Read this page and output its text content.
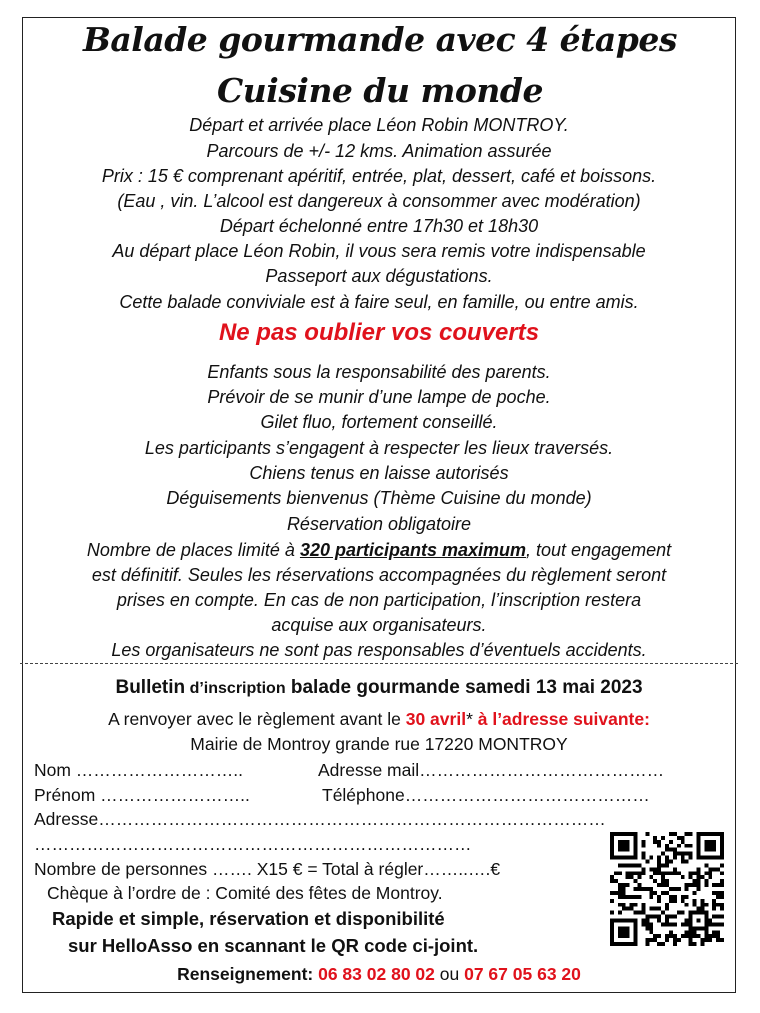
Balade gourmande avec 4 étapes
Cuisine du monde
Départ et arrivée place Léon Robin MONTROY.
Parcours de +/- 12 kms. Animation assurée
Prix : 15 € comprenant apéritif, entrée, plat, dessert, café et boissons.
(Eau , vin. L’alcool est dangereux à consommer avec modération)
Départ échelonné entre 17h30 et 18h30
Au départ place Léon Robin, il vous sera remis votre indispensable
Passeport aux dégustations.
Cette balade conviviale est à faire seul, en famille, ou entre amis.
Ne pas oublier vos couverts
Enfants sous la responsabilité des parents.
Prévoir de se munir d’une lampe de poche.
Gilet fluo, fortement conseillé.
Les participants s’engagent à respecter les lieux traversés.
Chiens tenus en laisse autorisés
Déguisements bienvenus (Thème Cuisine du monde)
Réservation obligatoire
Nombre de places limité à 320 participants maximum, tout engagement
est définitif. Seules les réservations accompagnées du règlement seront
prises en compte. En cas de non participation, l’inscription restera
acquise aux organisateurs.
Les organisateurs ne sont pas responsables d’éventuels accidents.
Bulletin d’inscription balade gourmande samedi 13 mai 2023
A renvoyer avec le règlement avant le 30 avril* à l’adresse suivante:
Mairie de Montroy grande rue 17220 MONTROY
Nom ………………………..	Adresse mail……………………………………
Prénom ……………………..	Téléphone……………………………………
Adresse……………………………………………………………………………
…………………………………………………………………
Nombre de personnes ……. X15 € = Total à régler……..….€
Chèque à l’ordre de : Comité des fêtes de Montroy.
Rapide et simple, réservation et disponibilité
sur HelloAsso en scannant le QR code ci-joint.
Renseignement: 06 83 02 80 02 ou 07 67 05 63 20
